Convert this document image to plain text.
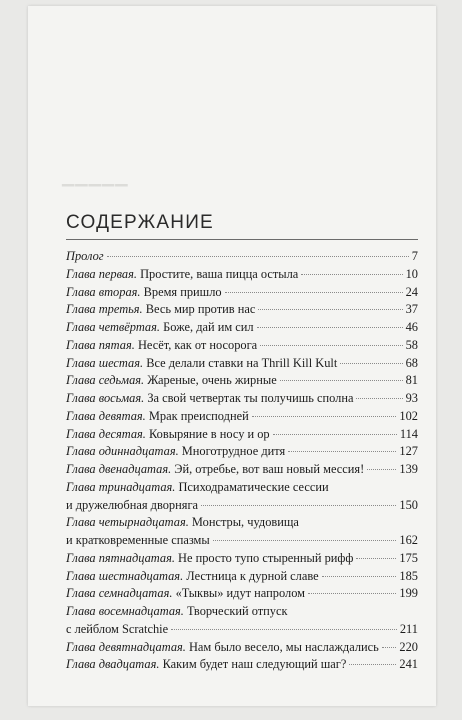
▔▔▔▔▔
СОДЕРЖАНИЕ
Пролог	7
Глава первая. Простите, ваша пицца остыла	10
Глава вторая. Время пришло	24
Глава третья. Весь мир против нас	37
Глава четвёртая. Боже, дай им сил	46
Глава пятая. Несёт, как от носорога	58
Глава шестая. Все делали ставки на Thrill Kill Kult	68
Глава седьмая. Жареные, очень жирные	81
Глава восьмая. За свой четвертак ты получишь сполна	93
Глава девятая. Мрак преисподней	102
Глава десятая. Ковыряние в носу и ор	114
Глава одиннадцатая. Многотрудное дитя	127
Глава двенадцатая. Эй, отребье, вот ваш новый мессия!	139
Глава тринадцатая. Психодраматические сессии
и дружелюбная дворняга	150
Глава четырнадцатая. Монстры, чудовища
и кратковременные спазмы	162
Глава пятнадцатая. Не просто тупо стыренный рифф	175
Глава шестнадцатая. Лестница к дурной славе	185
Глава семнадцатая. «Тыквы» идут напролом	199
Глава восемнадцатая. Творческий отпуск
с лейблом Scratchie	211
Глава девятнадцатая. Нам было весело, мы наслаждались 220
Глава двадцатая. Каким будет наш следующий шаг?	241
